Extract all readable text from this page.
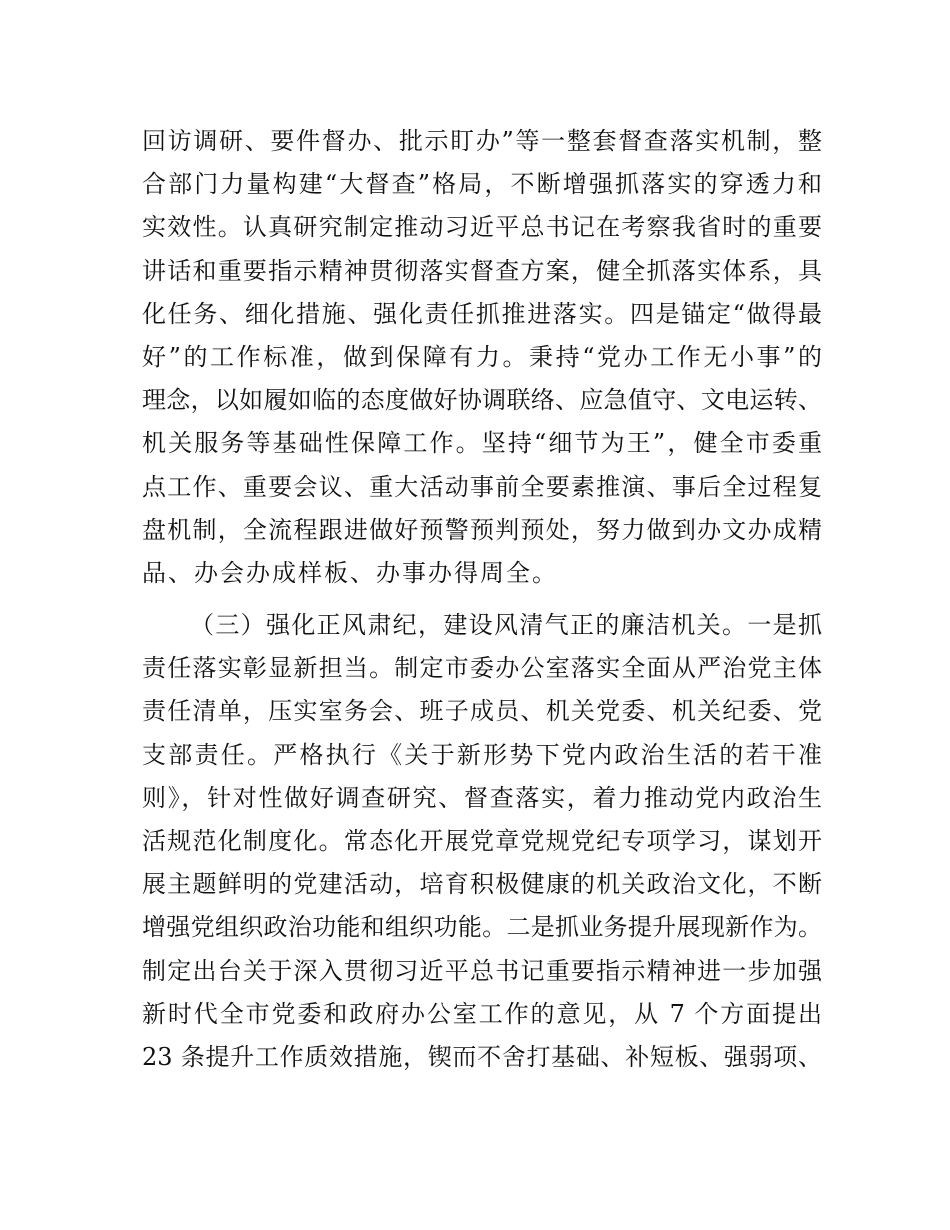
回访调研、要件督办、批示盯办”等一整套督查落实机制，整
合部门力量构建“大督查”格局，不断增强抓落实的穿透力和
实效性。认真研究制定推动习近平总书记在考察我省时的重要
讲话和重要指示精神贯彻落实督查方案，健全抓落实体系，具
化任务、细化措施、强化责任抓推进落实。四是锚定“做得最
好”的工作标准，做到保障有力。秉持“党办工作无小事”的
理念，以如履如临的态度做好协调联络、应急值守、文电运转、
机关服务等基础性保障工作。坚持“细节为王”，健全市委重
点工作、重要会议、重大活动事前全要素推演、事后全过程复
盘机制，全流程跟进做好预警预判预处，努力做到办文办成精
品、办会办成样板、办事办得周全。
（三）强化正风肃纪，建设风清气正的廉洁机关。一是抓
责任落实彰显新担当。制定市委办公室落实全面从严治党主体
责任清单，压实室务会、班子成员、机关党委、机关纪委、党
支部责任。严格执行《关于新形势下党内政治生活的若干准
则》，针对性做好调查研究、督查落实，着力推动党内政治生
活规范化制度化。常态化开展党章党规党纪专项学习，谋划开
展主题鲜明的党建活动，培育积极健康的机关政治文化，不断
增强党组织政治功能和组织功能。二是抓业务提升展现新作为。
制定出台关于深入贯彻习近平总书记重要指示精神进一步加强
新时代全市党委和政府办公室工作的意见，从 7 个方面提出
23 条提升工作质效措施，锲而不舍打基础、补短板、强弱项、
